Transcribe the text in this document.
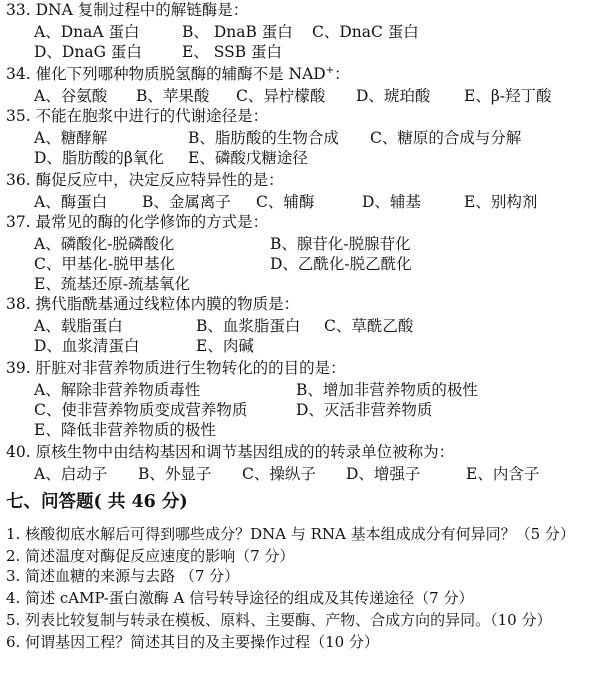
33. DNA 复制过程中的解链酶是：
A、DnaA 蛋白	B、 DnaB 蛋白 C、DnaC 蛋白
D、DnaG 蛋白	E、 SSB 蛋白
34. 催化下列哪种物质脱氢酶的辅酶不是 NAD+：
A、谷氨酸 B、苹果酸 C、异柠檬酸 D、琥珀酸 E、β-羟丁酸
35. 不能在胞浆中进行的代谢途径是：
A、糖酵解	B、脂肪酸的生物合成 C、糖原的合成与分解
D、脂肪酸的β氧化 E、磷酸戊糖途径
36. 酶促反应中，决定反应特异性的是：
A、酶蛋白 B、金属离子 C、辅酶	D、辅基	E、别构剂
37. 最常见的酶的化学修饰的方式是：
A、磷酸化-脱磷酸化	B、腺苷化-脱腺苷化
C、甲基化-脱甲基化	D、乙酰化-脱乙酰化
E、巯基还原-巯基氧化
38. 携代脂酰基通过线粒体内膜的物质是：
A、载脂蛋白	B、血浆脂蛋白 C、草酰乙酸
D、血浆清蛋白	E、肉碱
39. 肝脏对非营养物质进行生物转化的的目的是：
A、解除非营养物质毒性	B、增加非营养物质的极性
C、使非营养物质变成营养物质	D、灭活非营养物质
E、降低非营养物质的极性
40. 原核生物中由结构基因和调节基因组成的的转录单位被称为：
A、启动子 B、外显子 C、操纵子 D、增强子	E、内含子
七、问答题( 共 46 分)
1. 核酸彻底水解后可得到哪些成分？DNA 与 RNA 基本组成成分有何异同？（5 分）
2. 简述温度对酶促反应速度的影响（7 分）
3. 简述血糖的来源与去路 （7 分）
4. 简述 cAMP-蛋白激酶 A 信号转导途径的组成及其传递途径（7 分）
5. 列表比较复制与转录在模板、原料、主要酶、产物、合成方向的异同。（10 分）
6. 何谓基因工程？简述其目的及主要操作过程（10 分）
